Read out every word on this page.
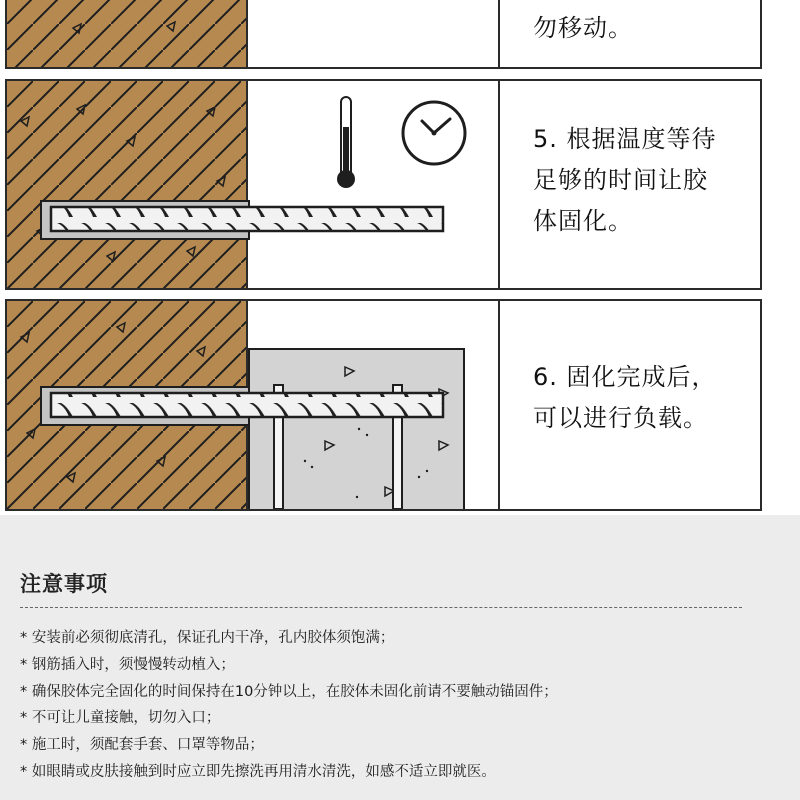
勿移动。
5. 根据温度等待
足够的时间让胶
体固化。
6. 固化完成后，
可以进行负载。
注意事项
* 安装前必须彻底清孔，保证孔内干净，孔内胶体须饱满；
* 钢筋插入时，须慢慢转动植入；
* 确保胶体完全固化的时间保持在10分钟以上，在胶体未固化前请不要触动锚固件；
* 不可让儿童接触，切勿入口；
* 施工时，须配套手套、口罩等物品；
* 如眼睛或皮肤接触到时应立即先擦洗再用清水清洗，如感不适立即就医。
